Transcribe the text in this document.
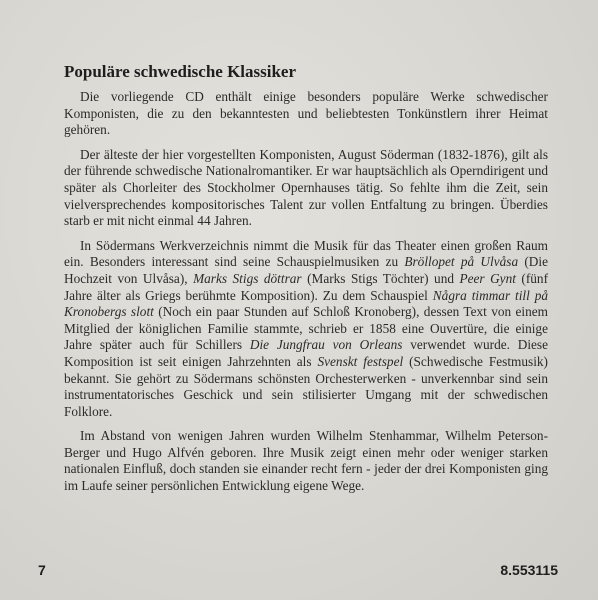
Populäre schwedische Klassiker

Die vorliegende CD enthält einige besonders populäre Werke schwedischer Komponisten, die zu den bekanntesten und beliebtesten Tonkünstlern ihrer Heimat gehören.

Der älteste der hier vorgestellten Komponisten, August Söderman (1832-1876), gilt als der führende schwedische Nationalromantiker. Er war hauptsächlich als Operndirigent und später als Chorleiter des Stockholmer Opernhauses tätig. So fehlte ihm die Zeit, sein vielversprechendes kompositorisches Talent zur vollen Entfaltung zu bringen. Überdies starb er mit nicht einmal 44 Jahren.

In Södermans Werkverzeichnis nimmt die Musik für das Theater einen großen Raum ein. Besonders interessant sind seine Schauspielmusiken zu Bröllopet på Ulvåsa (Die Hochzeit von Ulvåsa), Marks Stigs döttrar (Marks Stigs Töchter) und Peer Gynt (fünf Jahre älter als Griegs berühmte Komposition). Zu dem Schauspiel Några timmar till på Kronobergs slott (Noch ein paar Stunden auf Schloß Kronoberg), dessen Text von einem Mitglied der königlichen Familie stammte, schrieb er 1858 eine Ouvertüre, die einige Jahre später auch für Schillers Die Jungfrau von Orleans verwendet wurde. Diese Komposition ist seit einigen Jahrzehnten als Svenskt festspel (Schwedische Festmusik) bekannt. Sie gehört zu Södermans schönsten Orchesterwerken - unverkennbar sind sein instrumentatorisches Geschick und sein stilisierter Umgang mit der schwedischen Folklore.

Im Abstand von wenigen Jahren wurden Wilhelm Stenhammar, Wilhelm Peterson-Berger und Hugo Alfvén geboren. Ihre Musik zeigt einen mehr oder weniger starken nationalen Einfluß, doch standen sie einander recht fern - jeder der drei Komponisten ging im Laufe seiner persönlichen Entwicklung eigene Wege.

7	8.553115
